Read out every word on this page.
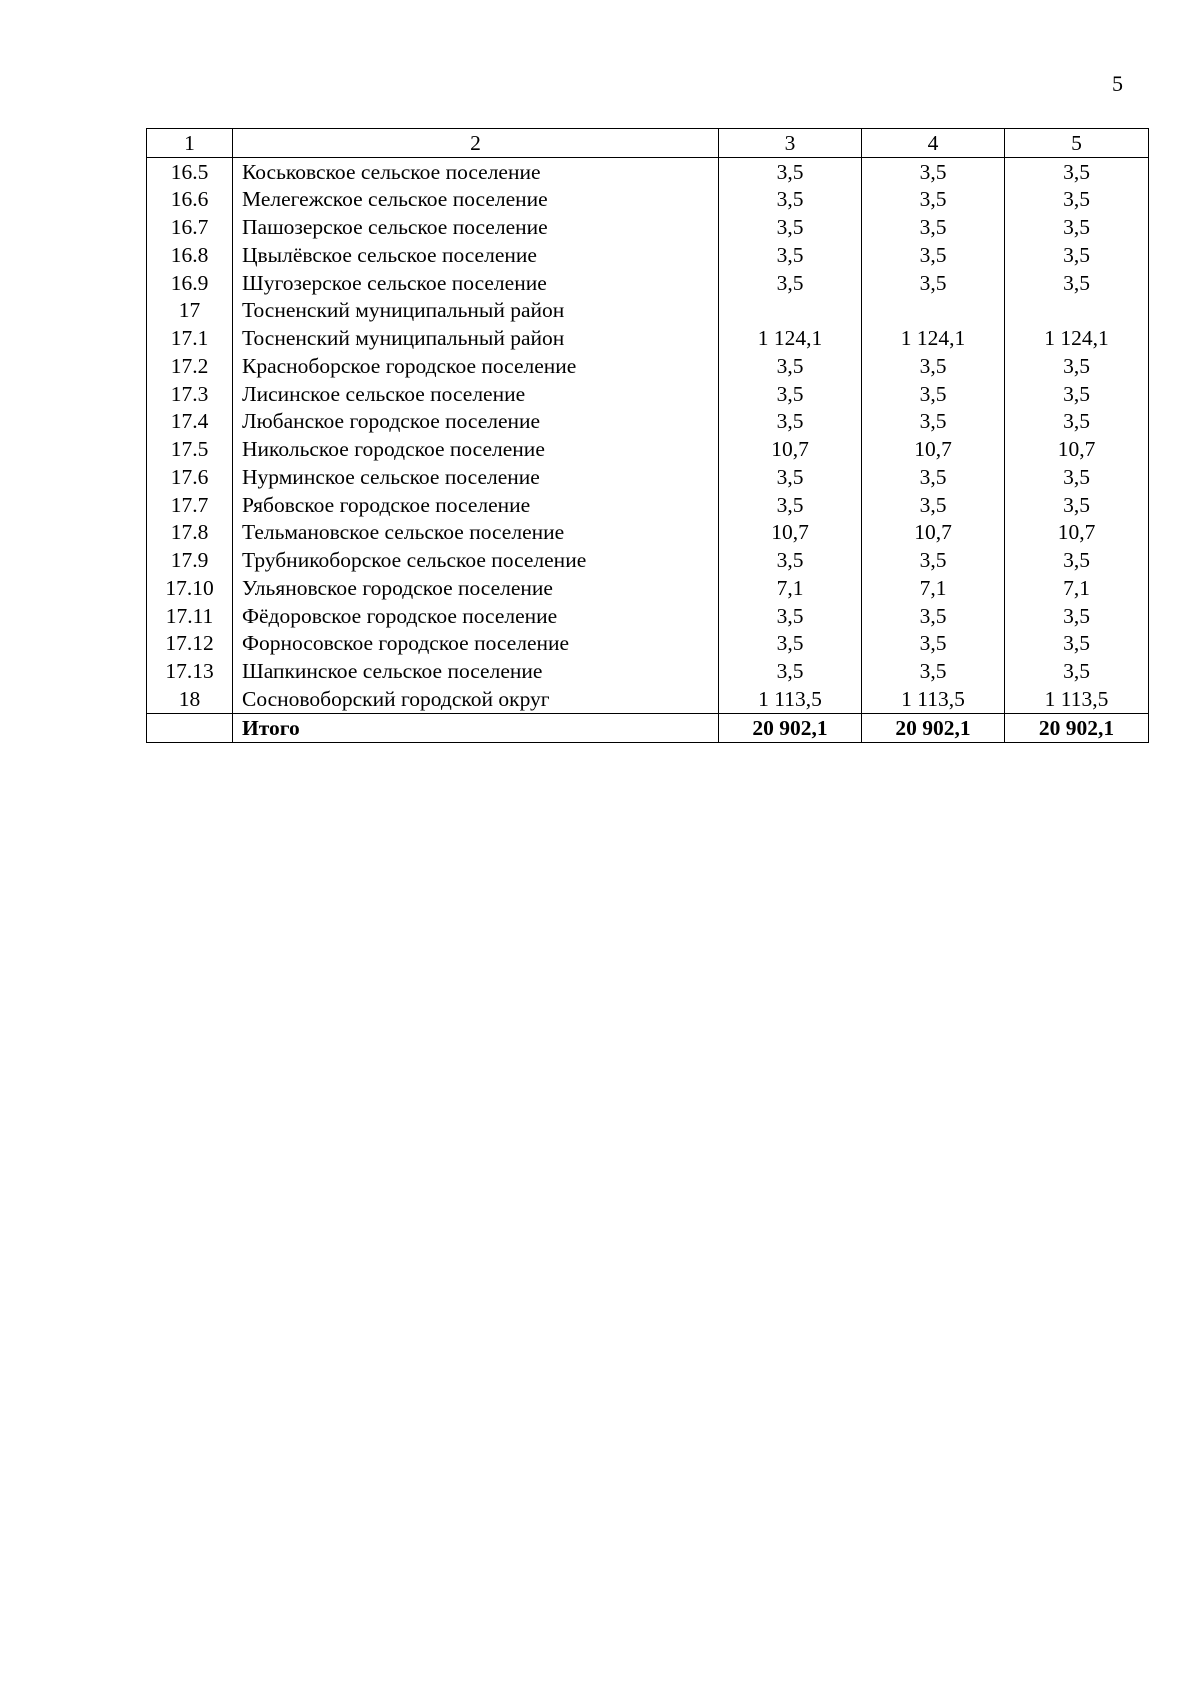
5
1	2	3	4	5
16.5	Коськовское сельское поселение	3,5	3,5	3,5
16.6	Мелегежское сельское поселение	3,5	3,5	3,5
16.7	Пашозерское сельское поселение	3,5	3,5	3,5
16.8	Цвылёвское сельское поселение	3,5	3,5	3,5
16.9	Шугозерское сельское поселение	3,5	3,5	3,5
17	Тосненский муниципальный район			
17.1	Тосненский муниципальный район	1 124,1	1 124,1	1 124,1
17.2	Красноборское городское поселение	3,5	3,5	3,5
17.3	Лисинское сельское поселение	3,5	3,5	3,5
17.4	Любанское городское поселение	3,5	3,5	3,5
17.5	Никольское городское поселение	10,7	10,7	10,7
17.6	Нурминское сельское поселение	3,5	3,5	3,5
17.7	Рябовское городское поселение	3,5	3,5	3,5
17.8	Тельмановское сельское поселение	10,7	10,7	10,7
17.9	Трубникоборское сельское поселение	3,5	3,5	3,5
17.10	Ульяновское городское поселение	7,1	7,1	7,1
17.11	Фёдоровское городское поселение	3,5	3,5	3,5
17.12	Форносовское городское поселение	3,5	3,5	3,5
17.13	Шапкинское сельское поселение	3,5	3,5	3,5
18	Сосновоборский городской округ	1 113,5	1 113,5	1 113,5
	Итого	20 902,1	20 902,1	20 902,1
